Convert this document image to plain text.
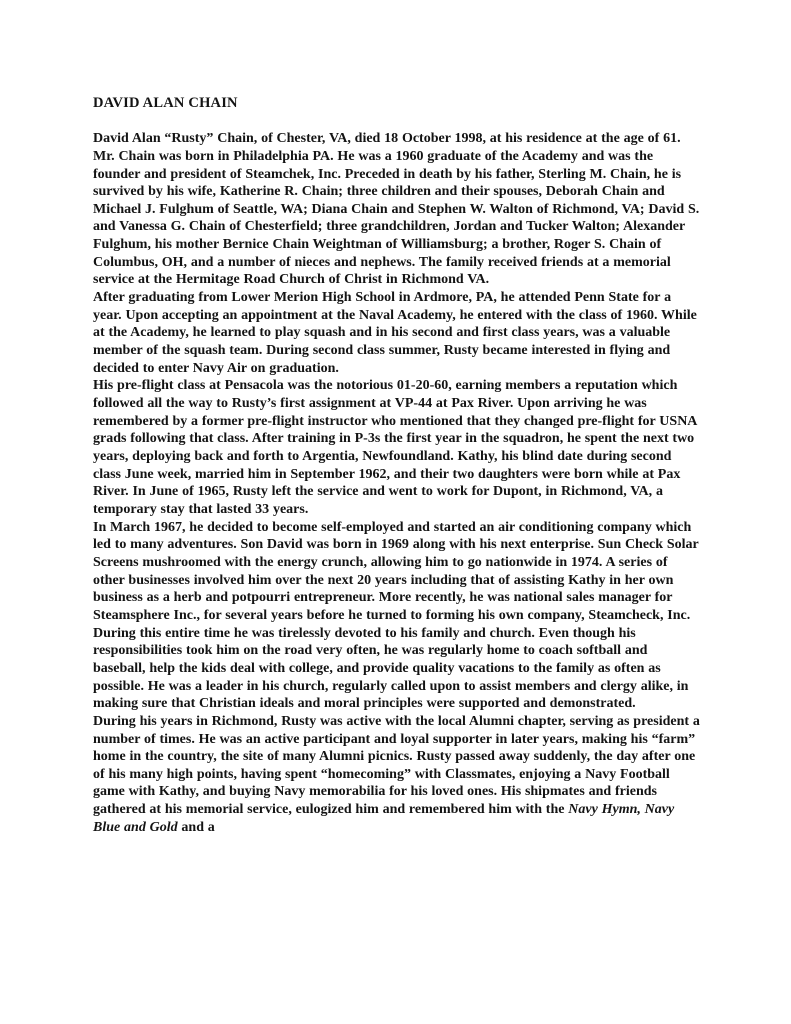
DAVID ALAN CHAIN

David Alan “Rusty” Chain, of Chester, VA, died 18 October 1998, at his residence at the age of 61. Mr. Chain was born in Philadelphia PA. He was a 1960 graduate of the Academy and was the founder and president of Steamchek, Inc. Preceded in death by his father, Sterling M. Chain, he is survived by his wife, Katherine R. Chain; three children and their spouses, Deborah Chain and Michael J. Fulghum of Seattle, WA; Diana Chain and Stephen W. Walton of Richmond, VA; David S. and Vanessa G. Chain of Chesterfield; three grandchildren, Jordan and Tucker Walton; Alexander Fulghum, his mother Bernice Chain Weightman of Williamsburg; a brother, Roger S. Chain of Columbus, OH, and a number of nieces and nephews. The family received friends at a memorial service at the Hermitage Road Church of Christ in Richmond VA.

After graduating from Lower Merion High School in Ardmore, PA, he attended Penn State for a year. Upon accepting an appointment at the Naval Academy, he entered with the class of 1960. While at the Academy, he learned to play squash and in his second and first class years, was a valuable member of the squash team. During second class summer, Rusty became interested in flying and decided to enter Navy Air on graduation.

His pre-flight class at Pensacola was the notorious 01-20-60, earning members a reputation which followed all the way to Rusty’s first assignment at VP-44 at Pax River. Upon arriving he was remembered by a former pre-flight instructor who mentioned that they changed pre-flight for USNA grads following that class. After training in P-3s the first year in the squadron, he spent the next two years, deploying back and forth to Argentia, Newfoundland. Kathy, his blind date during second class June week, married him in September 1962, and their two daughters were born while at Pax River. In June of 1965, Rusty left the service and went to work for Dupont, in Richmond, VA, a temporary stay that lasted 33 years.

In March 1967, he decided to become self-employed and started an air conditioning company which led to many adventures. Son David was born in 1969 along with his next enterprise. Sun Check Solar Screens mushroomed with the energy crunch, allowing him to go nationwide in 1974. A series of other businesses involved him over the next 20 years including that of assisting Kathy in her own business as a herb and potpourri entrepreneur. More recently, he was national sales manager for Steamsphere Inc., for several years before he turned to forming his own company, Steamcheck, Inc.

During this entire time he was tirelessly devoted to his family and church. Even though his responsibilities took him on the road very often, he was regularly home to coach softball and baseball, help the kids deal with college, and provide quality vacations to the family as often as possible. He was a leader in his church, regularly called upon to assist members and clergy alike, in making sure that Christian ideals and moral principles were supported and demonstrated.

During his years in Richmond, Rusty was active with the local Alumni chapter, serving as president a number of times. He was an active participant and loyal supporter in later years, making his “farm” home in the country, the site of many Alumni picnics. Rusty passed away suddenly, the day after one of his many high points, having spent “homecoming” with Classmates, enjoying a Navy Football game with Kathy, and buying Navy memorabilia for his loved ones. His shipmates and friends gathered at his memorial service, eulogized him and remembered him with the Navy Hymn, Navy Blue and Gold and a
